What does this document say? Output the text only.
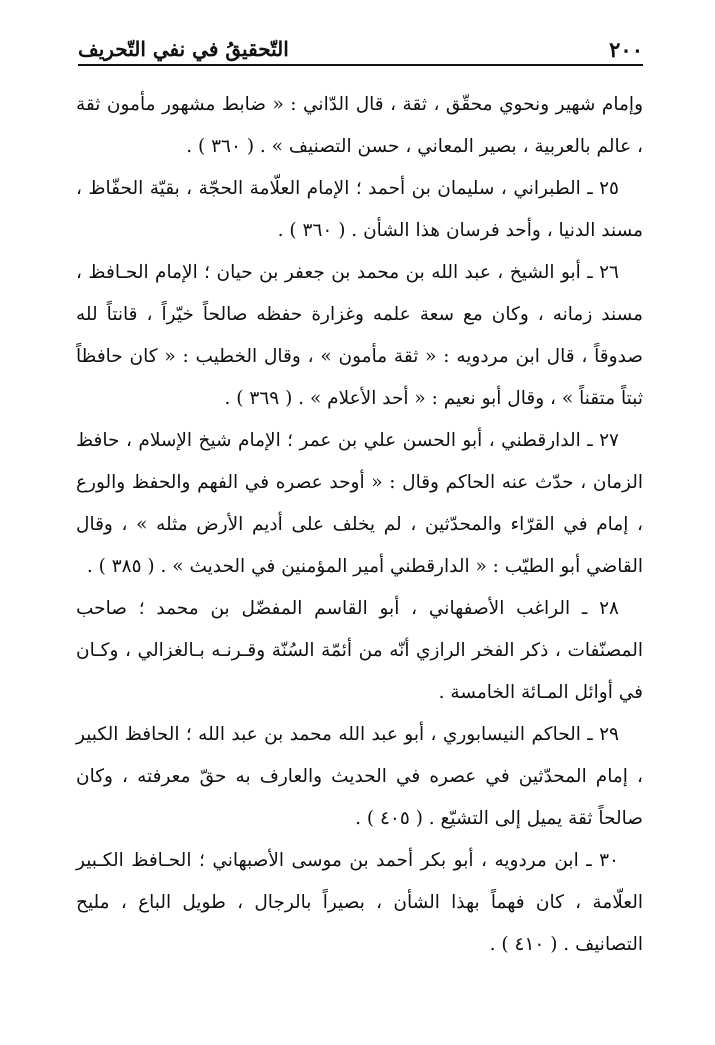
٢٠٠
التّحقيقُ في نفي التّحريف

وإمام شهير ونحوي محقّق ، ثقة ، قال الدّاني : « ضابط مشهور مأمون ثقة ، عالم بالعربية ، بصير المعاني ، حسن التصنيف » . ( ٣٦٠ ) .

٢٥ ـ الطبراني ، سليمان بن أحمد ؛ الإمام العلّامة الحجّة ، بقيّة الحفّاظ ، مسند الدنيا ، وأحد فرسان هذا الشأن . ( ٣٦٠ ) .

٢٦ ـ أبو الشيخ ، عبد الله بن محمد بن جعفر بن حيان ؛ الإمام الحـافظ ، مسند زمانه ، وكان مع سعة علمه وغزارة حفظه صالحاً خيّراً ، قانتاً لله صدوقاً ، قال ابن مردويه : « ثقة مأمون » ، وقال الخطيب : « كان حافظاً ثبتاً متقناً » ، وقال أبو نعيم : « أحد الأعلام » . ( ٣٦٩ ) .

٢٧ ـ الدارقطني ، أبو الحسن علي بن عمر ؛ الإمام شيخ الإسلام ، حافظ الزمان ، حدّث عنه الحاكم وقال : « أوحد عصره في الفهم والحفظ والورع ، إمام في القرّاء والمحدّثين ، لم يخلف على أديم الأرض مثله » ، وقال القاضي أبو الطيّب : « الدارقطني أمير المؤمنين في الحديث » . ( ٣٨٥ ) .

٢٨ ـ الراغب الأصفهاني ، أبو القاسم المفضّل بن محمد ؛ صاحب المصنّفات ، ذكر الفخر الرازي أنّه من أئمّة السُنّة وقـرنـه بـالغزالي ، وكـان في أوائل المـائة الخامسة .

٢٩ ـ الحاكم النيسابوري ، أبو عبد الله محمد بن عبد الله ؛ الحافظ الكبير ، إمام المحدّثين في عصره في الحديث والعارف به حقّ معرفته ، وكان صالحاً ثقة يميل إلى التشيّع . ( ٤٠٥ ) .

٣٠ ـ ابن مردويه ، أبو بكر أحمد بن موسى الأصبهاني ؛ الحـافظ الكـبير العلّامة ، كان فهماً بهذا الشأن ، بصيراً بالرجال ، طويل الباع ، مليح التصانيف . ( ٤١٠ ) .
